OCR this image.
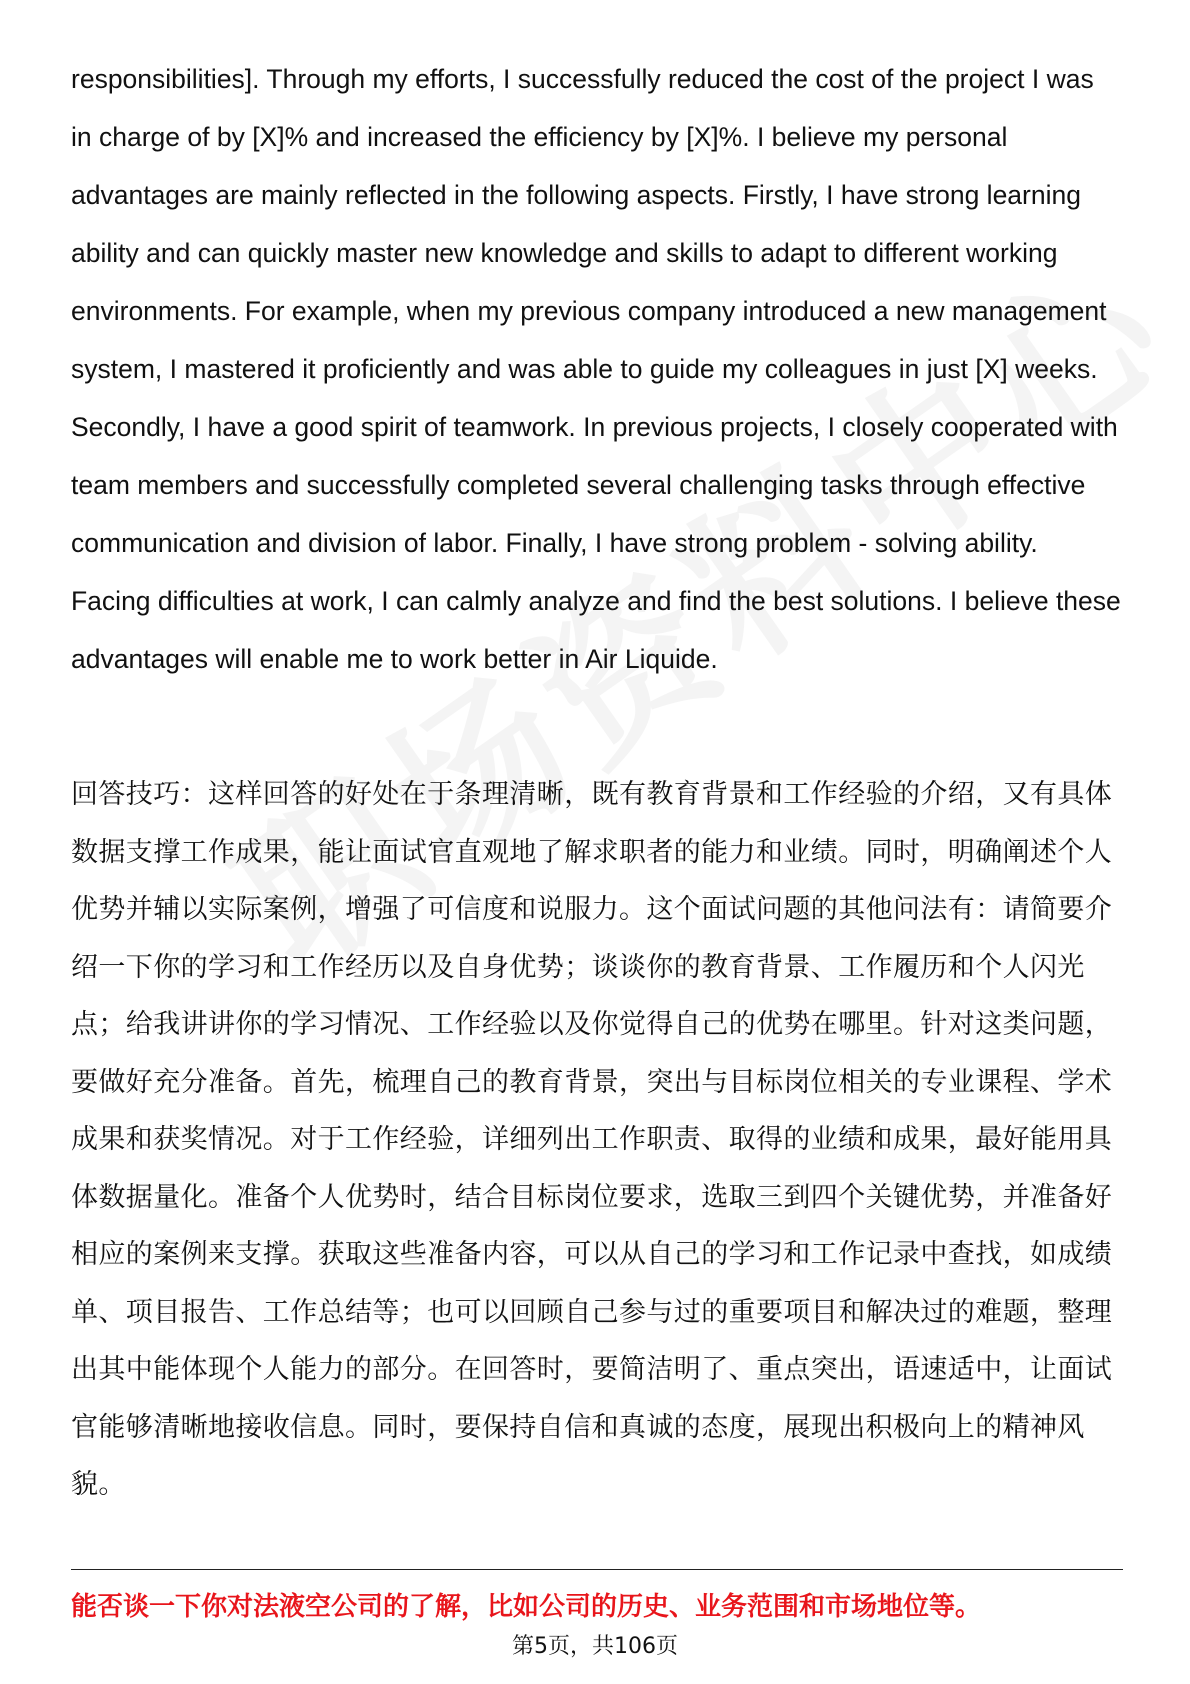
responsibilities]. Through my efforts, I successfully reduced the cost of the project I was in charge of by [X]% and increased the efficiency by [X]%. I believe my personal advantages are mainly reflected in the following aspects. Firstly, I have strong learning ability and can quickly master new knowledge and skills to adapt to different working environments. For example, when my previous company introduced a new management system, I mastered it proficiently and was able to guide my colleagues in just [X] weeks. Secondly, I have a good spirit of teamwork. In previous projects, I closely cooperated with team members and successfully completed several challenging tasks through effective communication and division of labor. Finally, I have strong problem - solving ability. Facing difficulties at work, I can calmly analyze and find the best solutions. I believe these advantages will enable me to work better in Air Liquide.

回答技巧：这样回答的好处在于条理清晰，既有教育背景和工作经验的介绍，又有具体数据支撑工作成果，能让面试官直观地了解求职者的能力和业绩。同时，明确阐述个人优势并辅以实际案例，增强了可信度和说服力。这个面试问题的其他问法有：请简要介绍一下你的学习和工作经历以及自身优势；谈谈你的教育背景、工作履历和个人闪光点；给我讲讲你的学习情况、工作经验以及你觉得自己的优势在哪里。针对这类问题，要做好充分准备。首先，梳理自己的教育背景，突出与目标岗位相关的专业课程、学术成果和获奖情况。对于工作经验，详细列出工作职责、取得的业绩和成果，最好能用具体数据量化。准备个人优势时，结合目标岗位要求，选取三到四个关键优势，并准备好相应的案例来支撑。获取这些准备内容，可以从自己的学习和工作记录中查找，如成绩单、项目报告、工作总结等；也可以回顾自己参与过的重要项目和解决过的难题，整理出其中能体现个人能力的部分。在回答时，要简洁明了、重点突出，语速适中，让面试官能够清晰地接收信息。同时，要保持自信和真诚的态度，展现出积极向上的精神风貌。

能否谈一下你对法液空公司的了解，比如公司的历史、业务范围和市场地位等。

第5页，共106页
